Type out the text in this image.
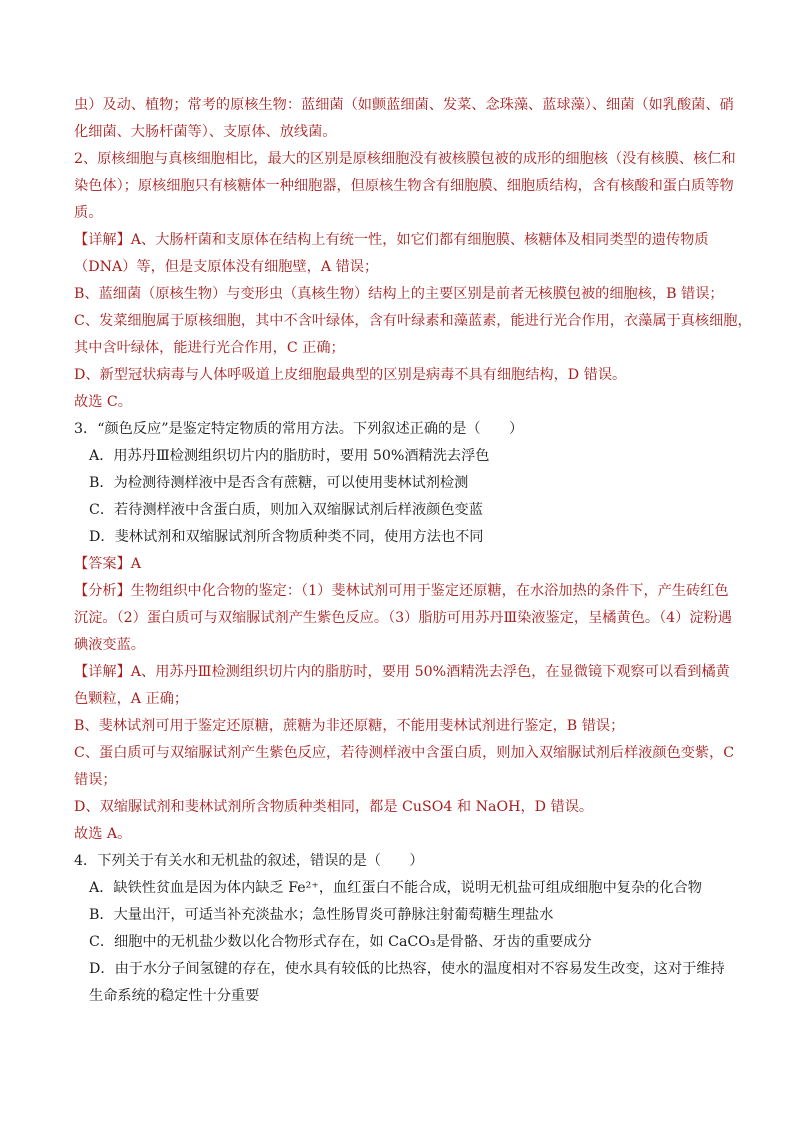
虫）及动、植物；常考的原核生物：蓝细菌（如颤蓝细菌、发菜、念珠藻、蓝球藻）、细菌（如乳酸菌、硝
化细菌、大肠杆菌等）、支原体、放线菌。
2、原核细胞与真核细胞相比，最大的区别是原核细胞没有被核膜包被的成形的细胞核（没有核膜、核仁和
染色体）；原核细胞只有核糖体一种细胞器，但原核生物含有细胞膜、细胞质结构，含有核酸和蛋白质等物
质。
【详解】A、大肠杆菌和支原体在结构上有统一性，如它们都有细胞膜、核糖体及相同类型的遗传物质
（DNA）等，但是支原体没有细胞壁，A 错误；
B、蓝细菌（原核生物）与变形虫（真核生物）结构上的主要区别是前者无核膜包被的细胞核，B 错误；
C、发菜细胞属于原核细胞，其中不含叶绿体，含有叶绿素和藻蓝素，能进行光合作用，衣藻属于真核细胞，
其中含叶绿体，能进行光合作用，C 正确；
D、新型冠状病毒与人体呼吸道上皮细胞最典型的区别是病毒不具有细胞结构，D 错误。
故选 C。
3．“颜色反应”是鉴定特定物质的常用方法。下列叙述正确的是（　　）
A．用苏丹Ⅲ检测组织切片内的脂肪时，要用 50%酒精洗去浮色
B．为检测待测样液中是否含有蔗糖，可以使用斐林试剂检测
C．若待测样液中含蛋白质，则加入双缩脲试剂后样液颜色变蓝
D．斐林试剂和双缩脲试剂所含物质种类不同，使用方法也不同
【答案】A
【分析】生物组织中化合物的鉴定：（1）斐林试剂可用于鉴定还原糖，在水浴加热的条件下，产生砖红色
沉淀。（2）蛋白质可与双缩脲试剂产生紫色反应。（3）脂肪可用苏丹Ⅲ染液鉴定，呈橘黄色。（4）淀粉遇
碘液变蓝。
【详解】A、用苏丹Ⅲ检测组织切片内的脂肪时，要用 50%酒精洗去浮色，在显微镜下观察可以看到橘黄
色颗粒，A 正确；
B、斐林试剂可用于鉴定还原糖，蔗糖为非还原糖，不能用斐林试剂进行鉴定，B 错误；
C、蛋白质可与双缩脲试剂产生紫色反应，若待测样液中含蛋白质，则加入双缩脲试剂后样液颜色变紫，C
错误；
D、双缩脲试剂和斐林试剂所含物质种类相同，都是 CuSO4 和 NaOH，D 错误。
故选 A。
4．下列关于有关水和无机盐的叙述，错误的是（　　）
A．缺铁性贫血是因为体内缺乏 Fe²⁺，血红蛋白不能合成，说明无机盐可组成细胞中复杂的化合物
B．大量出汗，可适当补充淡盐水；急性肠胃炎可静脉注射葡萄糖生理盐水
C．细胞中的无机盐少数以化合物形式存在，如 CaCO₃是骨骼、牙齿的重要成分
D．由于水分子间氢键的存在，使水具有较低的比热容，使水的温度相对不容易发生改变，这对于维持
生命系统的稳定性十分重要
